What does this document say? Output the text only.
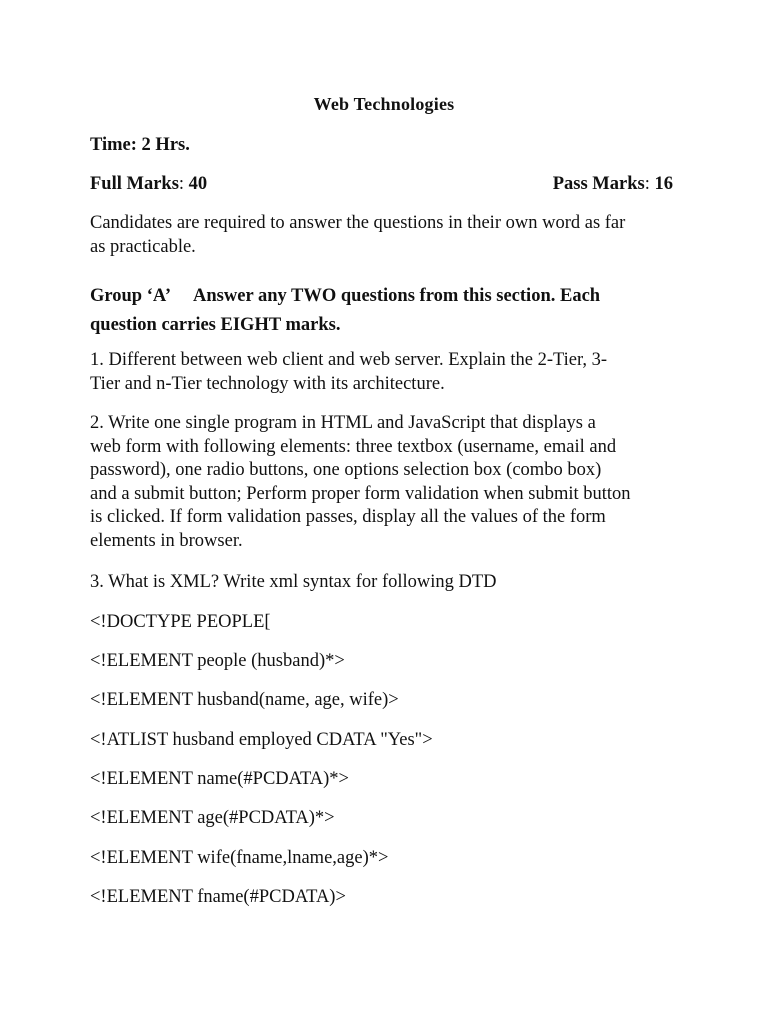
Web Technologies

Time: 2 Hrs.

Full Marks: 40	Pass Marks: 16

Candidates are required to answer the questions in their own word as far
as practicable.

Group ‘A’ Answer any TWO questions from this section. Each
question carries EIGHT marks.

1. Different between web client and web server. Explain the 2-Tier, 3-
Tier and n-Tier technology with its architecture.

2. Write one single program in HTML and JavaScript that displays a
web form with following elements: three textbox (username, email and
password), one radio buttons, one options selection box (combo box)
and a submit button; Perform proper form validation when submit button
is clicked. If form validation passes, display all the values of the form
elements in browser.

3. What is XML? Write xml syntax for following DTD

<!DOCTYPE PEOPLE[

<!ELEMENT people (husband)*>

<!ELEMENT husband(name, age, wife)>

<!ATLIST husband employed CDATA "Yes">

<!ELEMENT name(#PCDATA)*>

<!ELEMENT age(#PCDATA)*>

<!ELEMENT wife(fname,lname,age)*>

<!ELEMENT fname(#PCDATA)>
